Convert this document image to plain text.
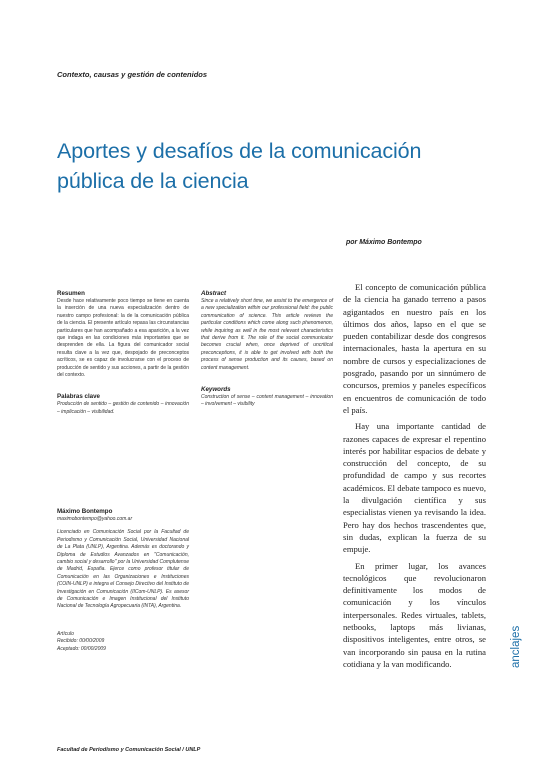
Contexto, causas y gestión de contenidos
Aportes y desafíos de la comunicación
pública de la ciencia
por Máximo Bontempo

Resumen

Desde hace relativamente poco tiempo se tiene en cuenta la inserción de una nueva especialización dentro de nuestro campo profesional: la de la comunicación pública de la ciencia. El presente artículo repasa las circunstancias particulares que han acompañado a esa aparición, a la vez que indaga en las condiciones más importantes que se desprenden de ella. La figura del comunicador social resulta clave a la vez que, despojado de preconceptos acríticos, se es capaz de involucrarse con el proceso de producción de sentido y sus acciones, a partir de la gestión del contexto.

Palabras clave

Producción de sentido – gestión de contenido – innovación – implicación – visibilidad.

Abstract

Since a relatively short time, we assist to the emergence of a new specialization within our professional field: the public communication of science. This article reviews the particular conditions which come along such phenomenon, while inquiring as well in the most relevant characteristics that derive from it. The role of the social communicator becomes crucial when, once deprived of uncritical preconceptions, it is able to get involved with both the process of sense production and its causes, based on content management.

Keywords

Construction of sense – content management – innovation – involvement – visibility

Máximo Bontempo

maximobontempo@yahoo.com.ar

Licenciado en Comunicación Social por la Facultad de Periodismo y Comunicación Social, Universidad Nacional de La Plata (UNLP), Argentina. Además es doctorando y Diploma de Estudios Avanzados en "Comunicación, cambio social y desarrollo" por la Universidad Complutense de Madrid, España. Ejerce como profesor titular de Comunicación en las Organizaciones e Instituciones (COIN-UNLP) e integra el Consejo Directivo del Instituto de Investigación en Comunicación (IICom-UNLP). Es asesor de Comunicación e Imagen Institucional del Instituto Nacional de Tecnología Agropecuaria (INTA), Argentina.

Artículo

Recibido: 00/00/2009

Aceptado: 00/00/2009

El concepto de comunicación pública de la ciencia ha ganado terreno a pasos agigantados en nuestro país en los últimos dos años, lapso en el que se pueden contabilizar desde dos congresos internacionales, hasta la apertura en su nombre de cursos y especializaciones de posgrado, pasando por un sinnúmero de concursos, premios y paneles específicos en encuentros de comunicación de todo el país.

Hay una importante cantidad de razones capaces de expresar el repentino interés por habilitar espacios de debate y construcción del concepto, de su profundidad de campo y sus recortes académicos. El debate tampoco es nuevo, la divulgación científica y sus especialistas vienen ya revisando la idea. Pero hay dos hechos trascendentes que, sin dudas, explican la fuerza de su empuje.

En primer lugar, los avances tecnológicos que revolucionaron definitivamente los modos de comunicación y los vínculos interpersonales. Redes virtuales, tablets, netbooks, laptops más livianas, dispositivos inteligentes, entre otros, se van incorporando sin pausa en la rutina cotidiana y la van modificando.	anclajes
Facultad de Periodismo y Comunicación Social / UNLP
